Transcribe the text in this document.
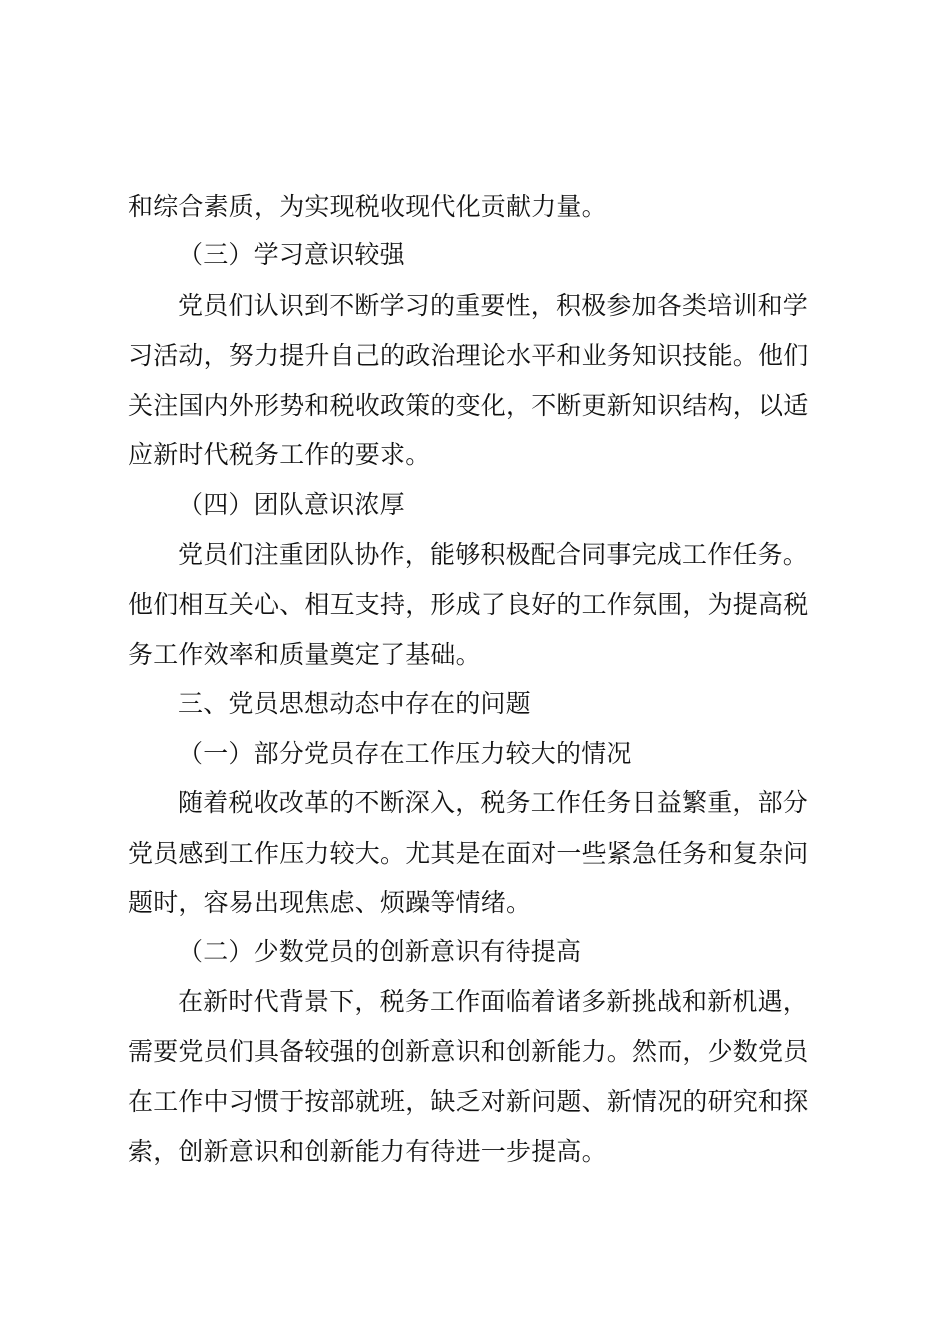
和综合素质，为实现税收现代化贡献力量。
（三）学习意识较强
党员们认识到不断学习的重要性，积极参加各类培训和学
习活动，努力提升自己的政治理论水平和业务知识技能。他们
关注国内外形势和税收政策的变化，不断更新知识结构，以适
应新时代税务工作的要求。
（四）团队意识浓厚
党员们注重团队协作，能够积极配合同事完成工作任务。
他们相互关心、相互支持，形成了良好的工作氛围，为提高税
务工作效率和质量奠定了基础。
三、党员思想动态中存在的问题
（一）部分党员存在工作压力较大的情况
随着税收改革的不断深入，税务工作任务日益繁重，部分
党员感到工作压力较大。尤其是在面对一些紧急任务和复杂问
题时，容易出现焦虑、烦躁等情绪。
（二）少数党员的创新意识有待提高
在新时代背景下，税务工作面临着诸多新挑战和新机遇，
需要党员们具备较强的创新意识和创新能力。然而，少数党员
在工作中习惯于按部就班，缺乏对新问题、新情况的研究和探
索，创新意识和创新能力有待进一步提高。
